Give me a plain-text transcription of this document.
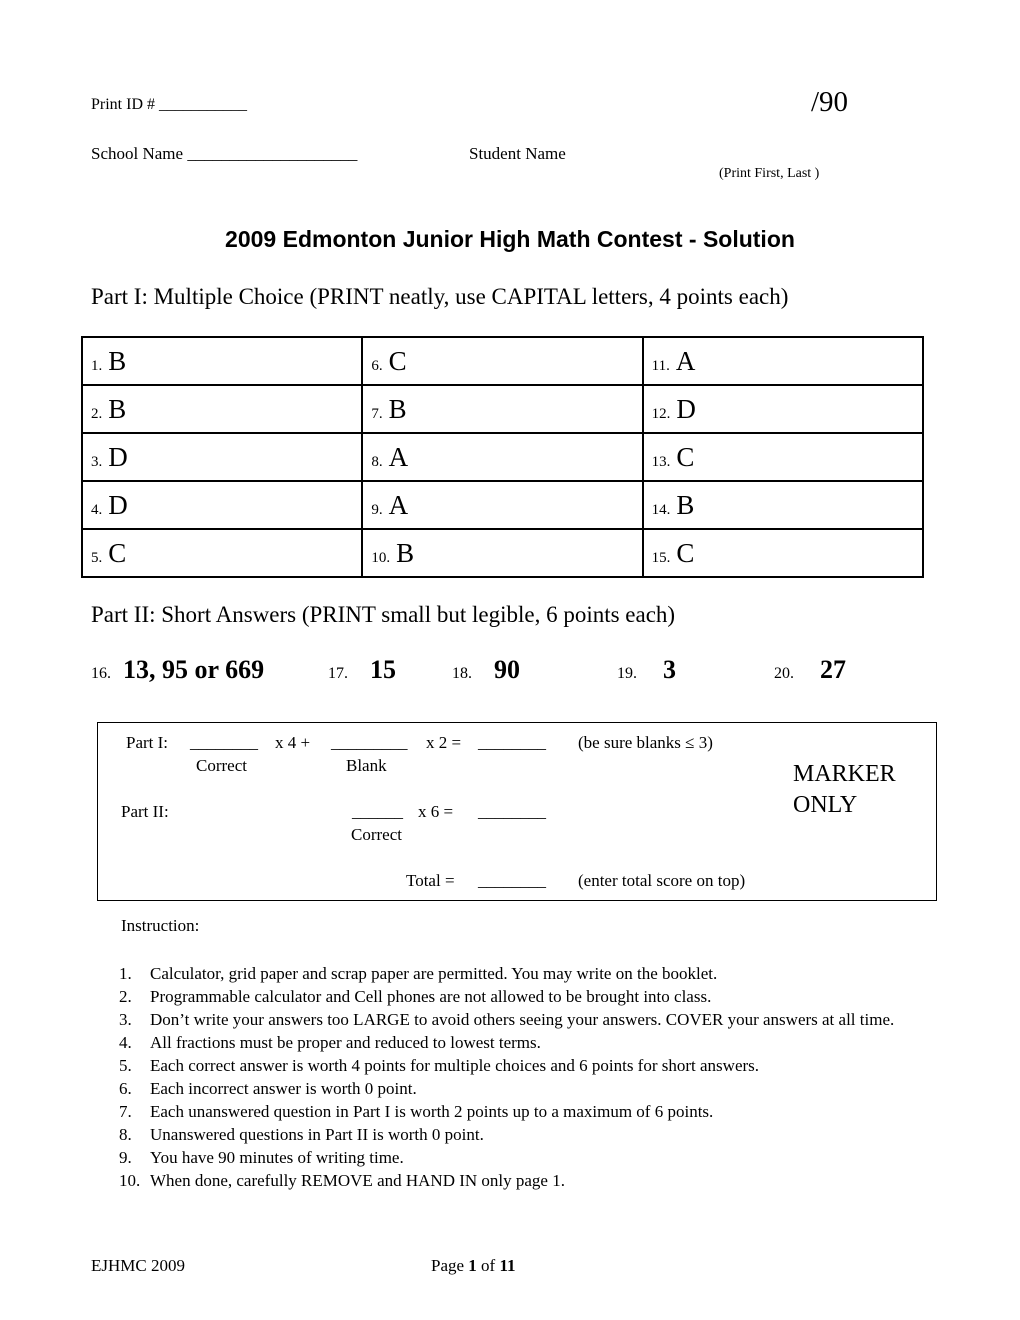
Print ID # ___________	/90
School Name ____________________	Student Name
(Print First, Last )
2009 Edmonton Junior High Math Contest - Solution
Part I: Multiple Choice (PRINT neatly, use CAPITAL letters, 4 points each)
1. B	6. C	11. A
2. B	7. B	12. D
3. D	8. A	13. C
4. D	9. A	14. B
5. C	10. B	15. C
Part II: Short Answers (PRINT small but legible, 6 points each)
16. 13, 95 or 669	17. 15	18. 90	19. 3	20. 27
Part I: ________ x 4 + _________ x 2 = ________ (be sure blanks ≤ 3)
Correct	Blank
Part II:	______ x 6 = ________
Correct
Total = ________ (enter total score on top)
MARKER
ONLY
Instruction:
1. Calculator, grid paper and scrap paper are permitted. You may write on the booklet.
2. Programmable calculator and Cell phones are not allowed to be brought into class.
3. Don’t write your answers too LARGE to avoid others seeing your answers. COVER your answers at all time.
4. All fractions must be proper and reduced to lowest terms.
5. Each correct answer is worth 4 points for multiple choices and 6 points for short answers.
6. Each incorrect answer is worth 0 point.
7. Each unanswered question in Part I is worth 2 points up to a maximum of 6 points.
8. Unanswered questions in Part II is worth 0 point.
9. You have 90 minutes of writing time.
10. When done, carefully REMOVE and HAND IN only page 1.
EJHMC 2009	Page 1 of 11
